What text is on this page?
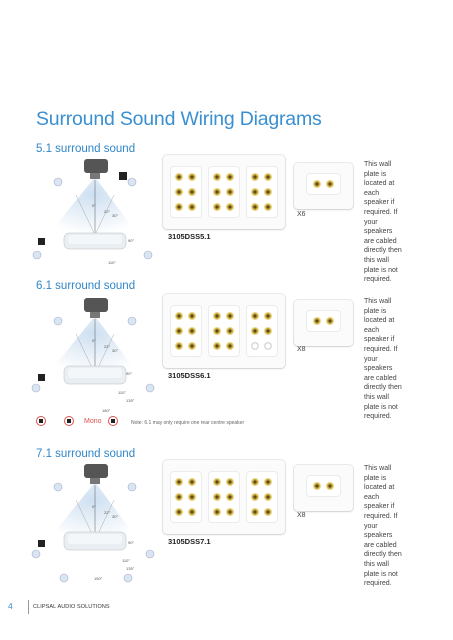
Surround Sound Wiring Diagrams
5.1 surround sound
0°
22°
30°
90°
110°
3105DSS5.1
X6
This wall plate is located at each speaker if required. If your speakers are cabled directly then this wall plate is not required.
6.1 surround sound
0°
22°
30°
90°
110°
135°
180°
Mono	Note: 6.1 may only require one rear centre speaker
3105DSS6.1
X8
This wall plate is located at each speaker if required. If your speakers are cabled directly then this wall plate is not required.
7.1 surround sound
0°
22°
30°
90°
110°
135°
150°
3105DSS7.1
X8
This wall plate is located at each speaker if required. If your speakers are cabled directly then this wall plate is not required.
4	CLIPSAL AUDIO SOLUTIONS
